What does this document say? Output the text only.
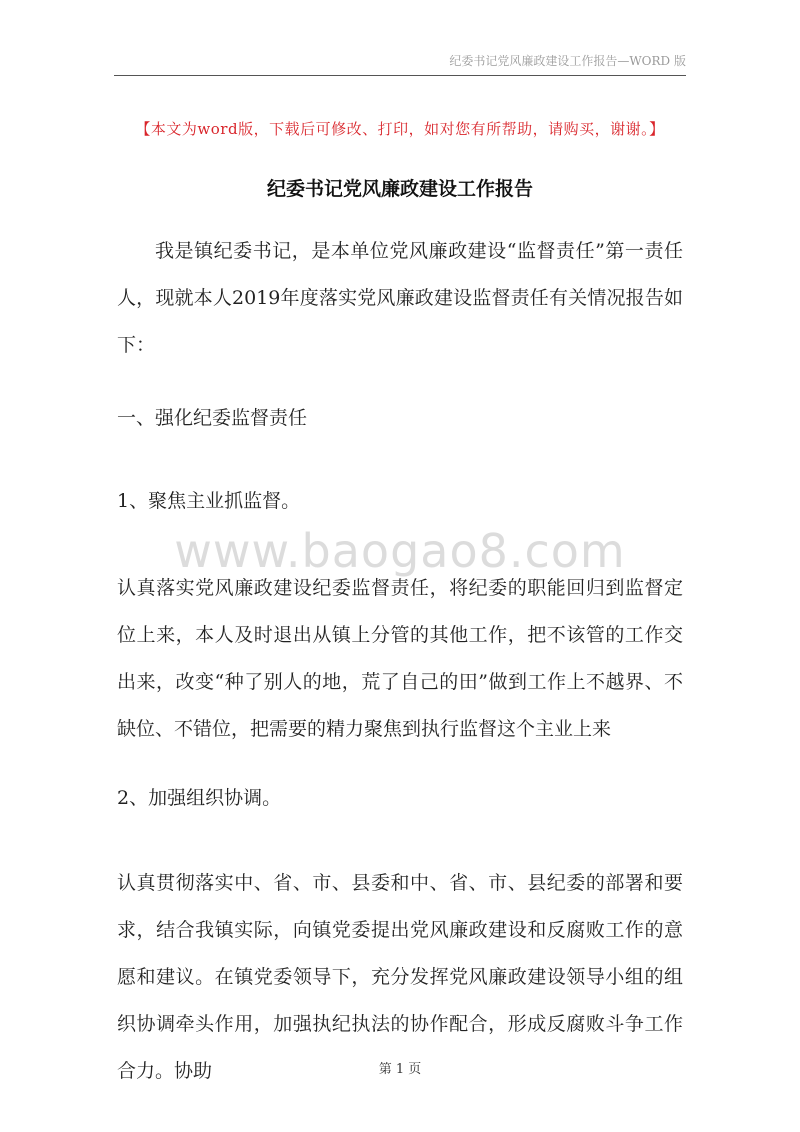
纪委书记党风廉政建设工作报告—WORD 版
【本文为word版，下载后可修改、打印，如对您有所帮助，请购买，谢谢。】
纪委书记党风廉政建设工作报告

我是镇纪委书记，是本单位党风廉政建设“监督责任”第一责任人，现就本人2019年度落实党风廉政建设监督责任有关情况报告如下：

一、强化纪委监督责任
1、聚焦主业抓监督。
www.baogao8.com

认真落实党风廉政建设纪委监督责任，将纪委的职能回归到监督定位上来，本人及时退出从镇上分管的其他工作，把不该管的工作交出来，改变“种了别人的地，荒了自己的田”做到工作上不越界、不缺位、不错位，把需要的精力聚焦到执行监督这个主业上来

2、加强组织协调。

认真贯彻落实中、省、市、县委和中、省、市、县纪委的部署和要求，结合我镇实际，向镇党委提出党风廉政建设和反腐败工作的意愿和建议。在镇党委领导下，充分发挥党风廉政建设领导小组的组织协调牵头作用，加强执纪执法的协作配合，形成反腐败斗争工作合力。协助	第 1 页
